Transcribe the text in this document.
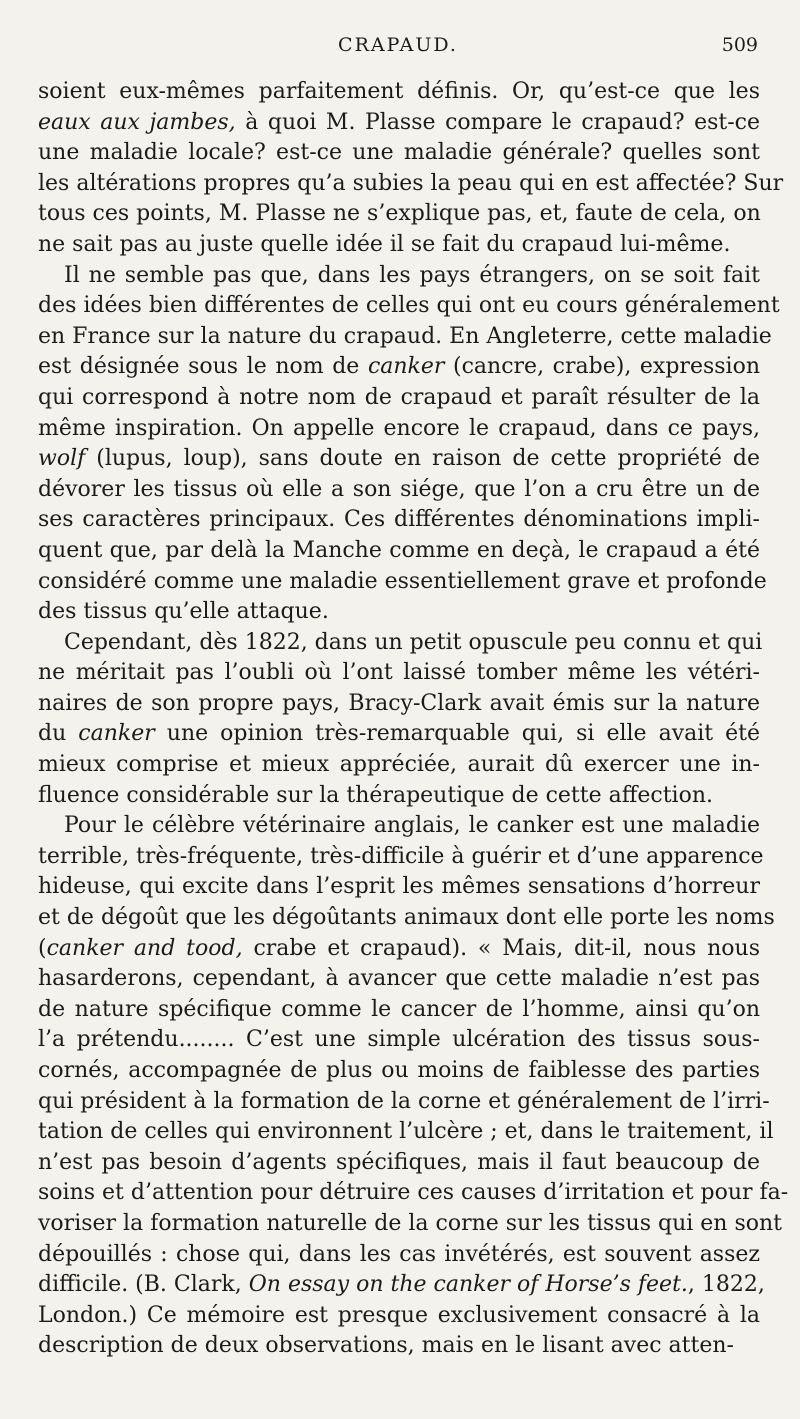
CRAPAUD.	509
soient eux-mêmes parfaitement définis. Or, qu’est-ce que les
eaux aux jambes, à quoi M. Plasse compare le crapaud? est-ce
une maladie locale? est-ce une maladie générale? quelles sont
les altérations propres qu’a subies la peau qui en est affectée? Sur
tous ces points, M. Plasse ne s’explique pas, et, faute de cela, on
ne sait pas au juste quelle idée il se fait du crapaud lui-même.
Il ne semble pas que, dans les pays étrangers, on se soit fait
des idées bien différentes de celles qui ont eu cours généralement
en France sur la nature du crapaud. En Angleterre, cette maladie
est désignée sous le nom de canker (cancre, crabe), expression
qui correspond à notre nom de crapaud et paraît résulter de la
même inspiration. On appelle encore le crapaud, dans ce pays,
wolf (lupus, loup), sans doute en raison de cette propriété de
dévorer les tissus où elle a son siége, que l’on a cru être un de
ses caractères principaux. Ces différentes dénominations impli-
quent que, par delà la Manche comme en deçà, le crapaud a été
considéré comme une maladie essentiellement grave et profonde
des tissus qu’elle attaque.
Cependant, dès 1822, dans un petit opuscule peu connu et qui
ne méritait pas l’oubli où l’ont laissé tomber même les vétéri-
naires de son propre pays, Bracy-Clark avait émis sur la nature
du canker une opinion très-remarquable qui, si elle avait été
mieux comprise et mieux appréciée, aurait dû exercer une in-
fluence considérable sur la thérapeutique de cette affection.
Pour le célèbre vétérinaire anglais, le canker est une maladie
terrible, très-fréquente, très-difficile à guérir et d’une apparence
hideuse, qui excite dans l’esprit les mêmes sensations d’horreur
et de dégoût que les dégoûtants animaux dont elle porte les noms
(canker and tood, crabe et crapaud). « Mais, dit-il, nous nous
hasarderons, cependant, à avancer que cette maladie n’est pas
de nature spécifique comme le cancer de l’homme, ainsi qu’on
l’a prétendu........ C’est une simple ulcération des tissus sous-
cornés, accompagnée de plus ou moins de faiblesse des parties
qui président à la formation de la corne et généralement de l’irri-
tation de celles qui environnent l’ulcère ; et, dans le traitement, il
n’est pas besoin d’agents spécifiques, mais il faut beaucoup de
soins et d’attention pour détruire ces causes d’irritation et pour fa-
voriser la formation naturelle de la corne sur les tissus qui en sont
dépouillés : chose qui, dans les cas invétérés, est souvent assez
difficile. (B. Clark, On essay on the canker of Horse’s feet., 1822,
London.) Ce mémoire est presque exclusivement consacré à la
description de deux observations, mais en le lisant avec atten-
